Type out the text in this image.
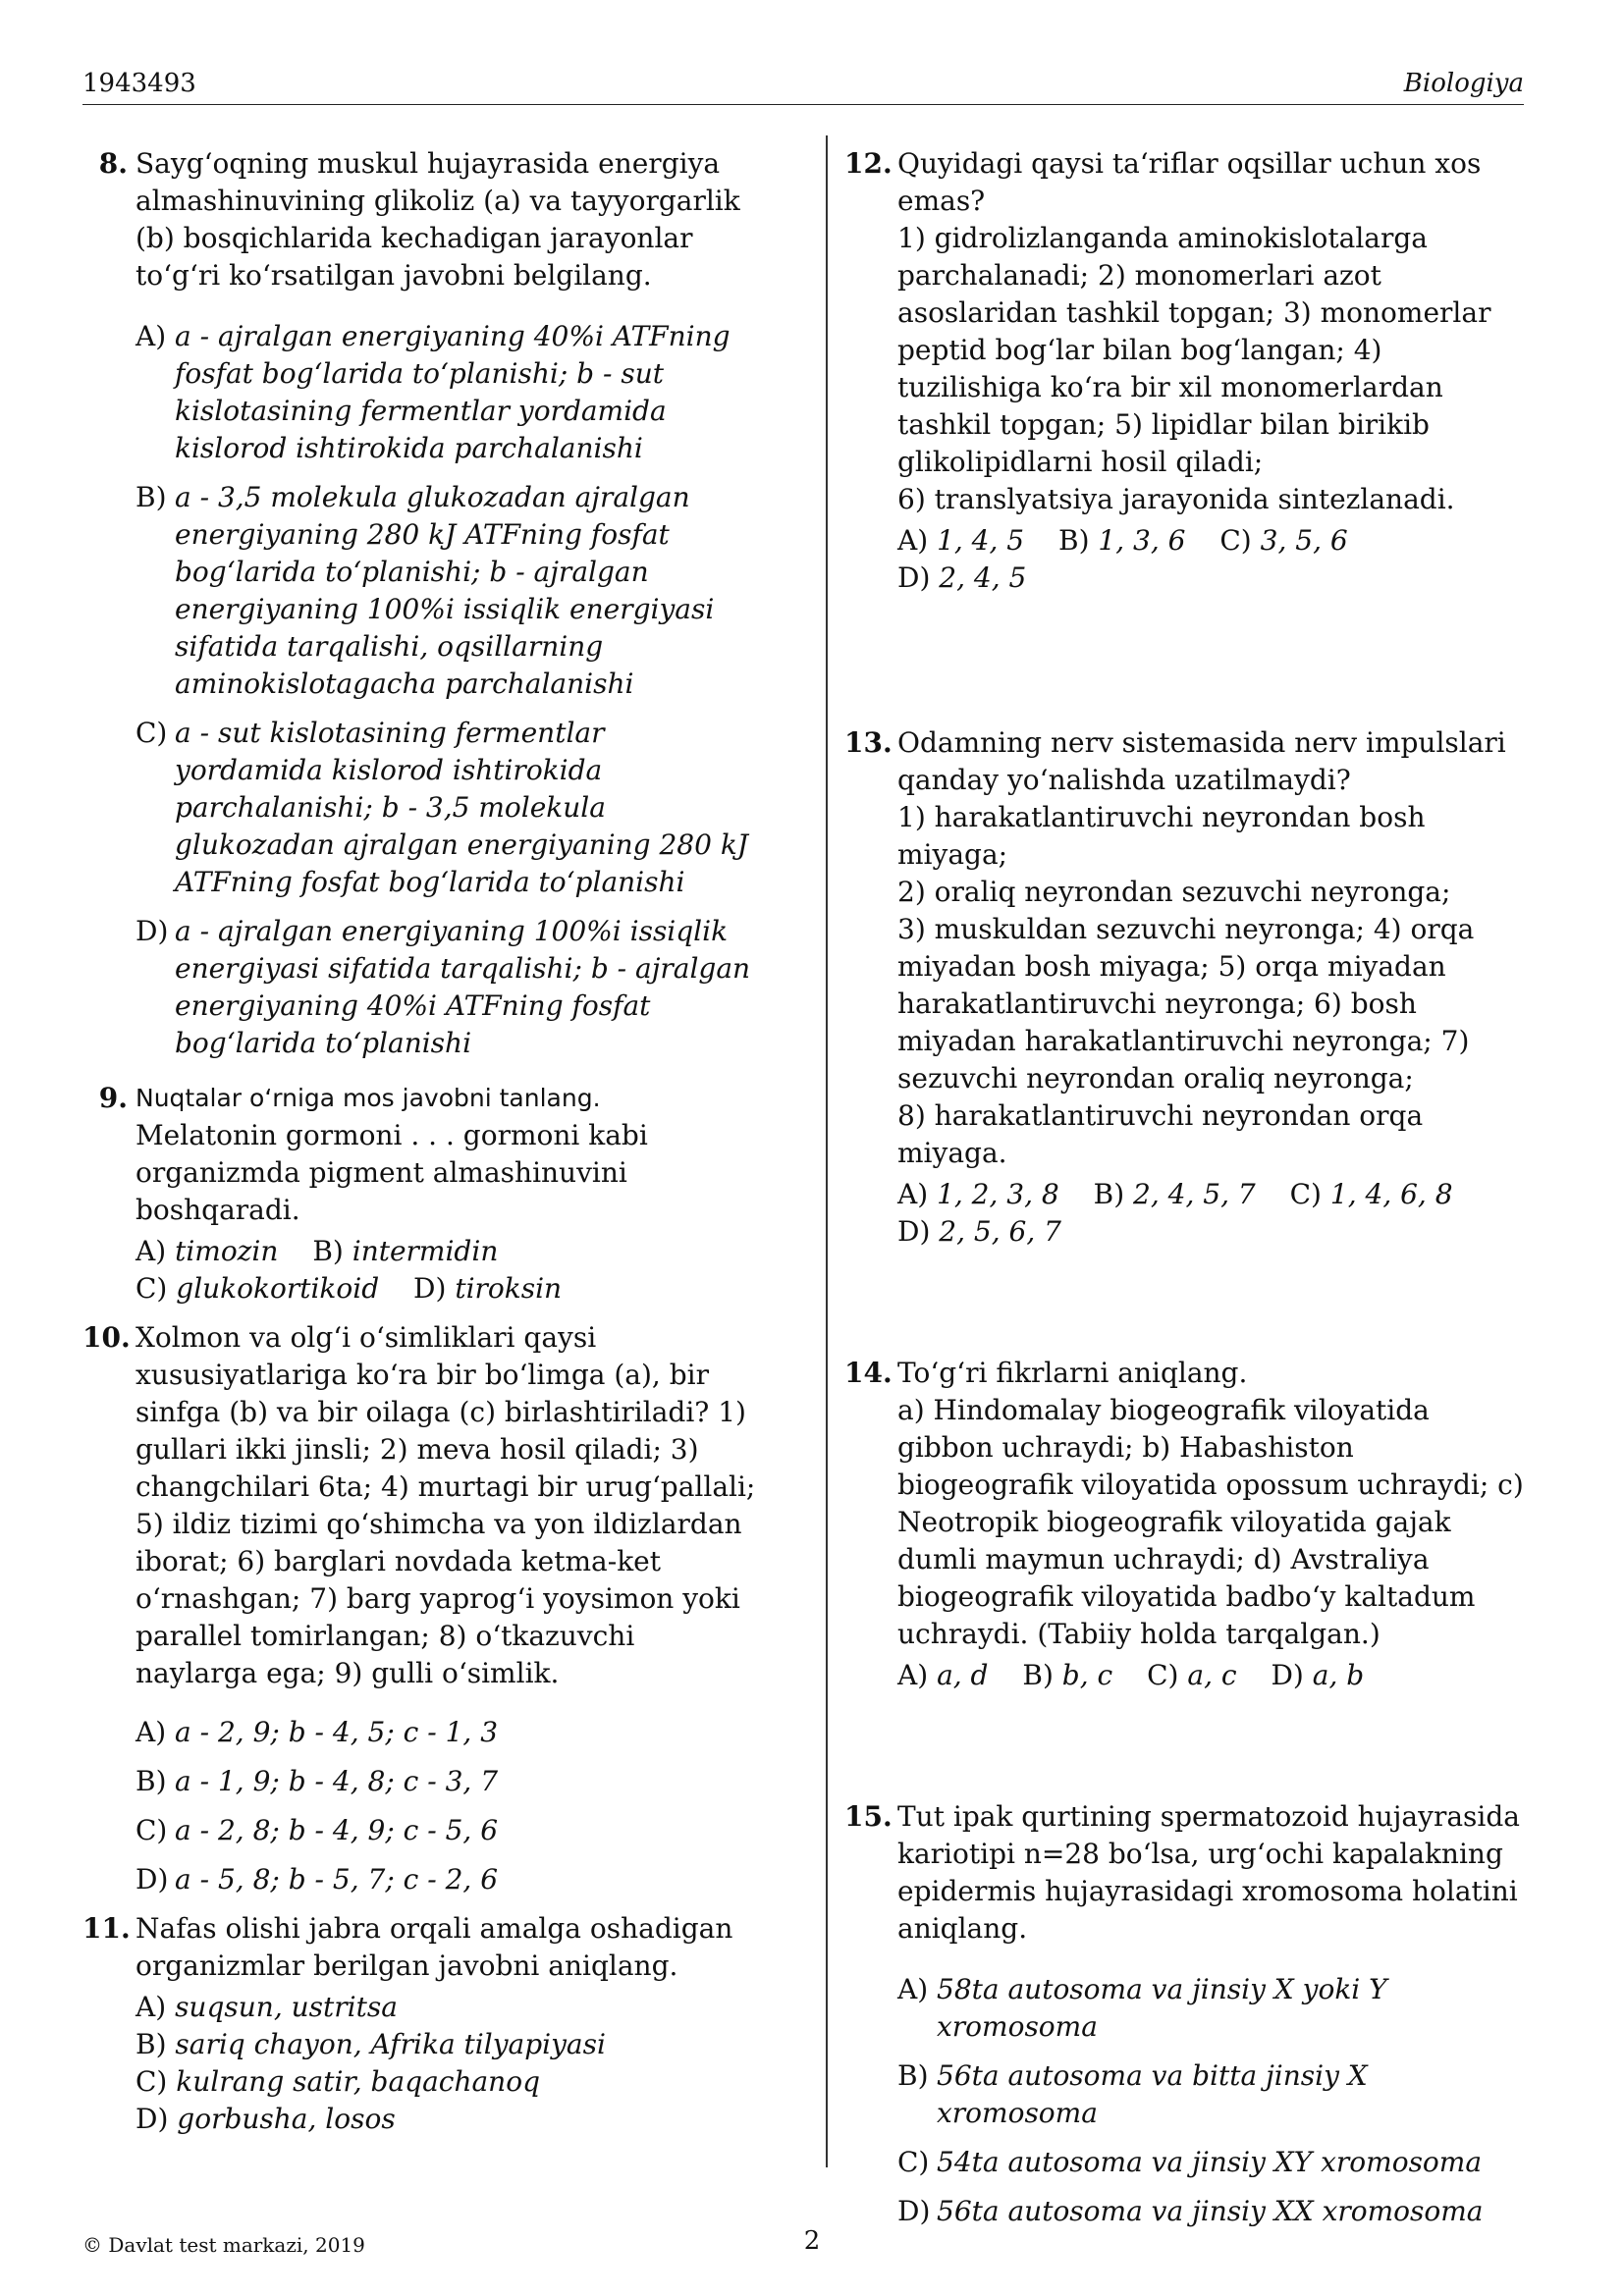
1943493	Biologiya
8. Sayg‘oqning muskul hujayrasida energiya almashinuvining glikoliz (a) va tayyorgarlik (b) bosqichlarida kechadigan jarayonlar to‘g‘ri ko‘rsatilgan javobni belgilang.

A) a - ajralgan energiyaning 40%i ATFning fosfat bog‘larida to‘planishi; b - sut kislotasining fermentlar yordamida kislorod ishtirokida parchalanishi
B) a - 3,5 molekula glukozadan ajralgan energiyaning 280 kJ ATFning fosfat bog‘larida to‘planishi; b - ajralgan energiyaning 100%i issiqlik energiyasi sifatida tarqalishi, oqsillarning aminokislotagacha parchalanishi
C) a - sut kislotasining fermentlar yordamida kislorod ishtirokida parchalanishi; b - 3,5 molekula glukozadan ajralgan energiyaning 280 kJ ATFning fosfat bog‘larida to‘planishi
D) a - ajralgan energiyaning 100%i issiqlik energiyasi sifatida tarqalishi; b - ajralgan energiyaning 40%i ATFning fosfat bog‘larida to‘planishi
9. Nuqtalar o‘rniga mos javobni tanlang.

Melatonin gormoni . . . gormoni kabi organizmda pigment almashinuvini boshqaradi.

A) timozin B) intermidin
C) glukokortikoid D) tiroksin
10. Xolmon va olg‘i o‘simliklari qaysi xususiyatlariga ko‘ra bir bo‘limga (a), bir sinfga (b) va bir oilaga (c) birlashtiriladi? 1) gullari ikki jinsli; 2) meva hosil qiladi; 3) changchilari 6ta; 4) murtagi bir urug‘pallali; 5) ildiz tizimi qo‘shimcha va yon ildizlardan iborat; 6) barglari novdada ketma-ket o‘rnashgan; 7) barg yaprog‘i yoysimon yoki parallel tomirlangan; 8) o‘tkazuvchi naylarga ega; 9) gulli o‘simlik.

A) a - 2, 9; b - 4, 5; c - 1, 3
B) a - 1, 9; b - 4, 8; c - 3, 7
C) a - 2, 8; b - 4, 9; c - 5, 6
D) a - 5, 8; b - 5, 7; c - 2, 6
11. Nafas olishi jabra orqali amalga oshadigan organizmlar berilgan javobni aniqlang.

A) suqsun, ustritsa
B) sariq chayon, Afrika tilyapiyasi
C) kulrang satir, baqachanoq
D) gorbusha, losos
12. Quyidagi qaysi ta‘riflar oqsillar uchun xos emas?

1) gidrolizlanganda aminokislotalarga parchalanadi; 2) monomerlari azot asoslaridan tashkil topgan; 3) monomerlar peptid bog‘lar bilan bog‘langan; 4) tuzilishiga ko‘ra bir xil monomerlardan tashkil topgan; 5) lipidlar bilan birikib glikolipidlarni hosil qiladi;

6) translyatsiya jarayonida sintezlanadi.

A) 1, 4, 5 B) 1, 3, 6 C) 3, 5, 6 D) 2, 4, 5
13. Odamning nerv sistemasida nerv impulslari qanday yo‘nalishda uzatilmaydi?

1) harakatlantiruvchi neyrondan bosh miyaga;

2) oraliq neyrondan sezuvchi neyronga;

3) muskuldan sezuvchi neyronga; 4) orqa miyadan bosh miyaga; 5) orqa miyadan harakatlantiruvchi neyronga; 6) bosh miyadan harakatlantiruvchi neyronga; 7) sezuvchi neyrondan oraliq neyronga;

8) harakatlantiruvchi neyrondan orqa miyaga.

A) 1, 2, 3, 8 B) 2, 4, 5, 7 C) 1, 4, 6, 8
D) 2, 5, 6, 7
14. To‘g‘ri fikrlarni aniqlang.

a) Hindomalay biogeografik viloyatida gibbon uchraydi; b) Habashiston biogeografik viloyatida opossum uchraydi; c) Neotropik biogeografik viloyatida gajak dumli maymun uchraydi; d) Avstraliya biogeografik viloyatida badbo‘y kaltadum uchraydi. (Tabiiy holda tarqalgan.)

A) a, d B) b, c C) a, c D) a, b
15. Tut ipak qurtining spermatozoid hujayrasida kariotipi n=28 bo‘lsa, urg‘ochi kapalakning epidermis hujayrasidagi xromosoma holatini aniqlang.

A) 58ta autosoma va jinsiy X yoki Y xromosoma
B) 56ta autosoma va bitta jinsiy X xromosoma
C) 54ta autosoma va jinsiy XY xromosoma
D) 56ta autosoma va jinsiy XX xromosoma
© Davlat test markazi, 2019	2
